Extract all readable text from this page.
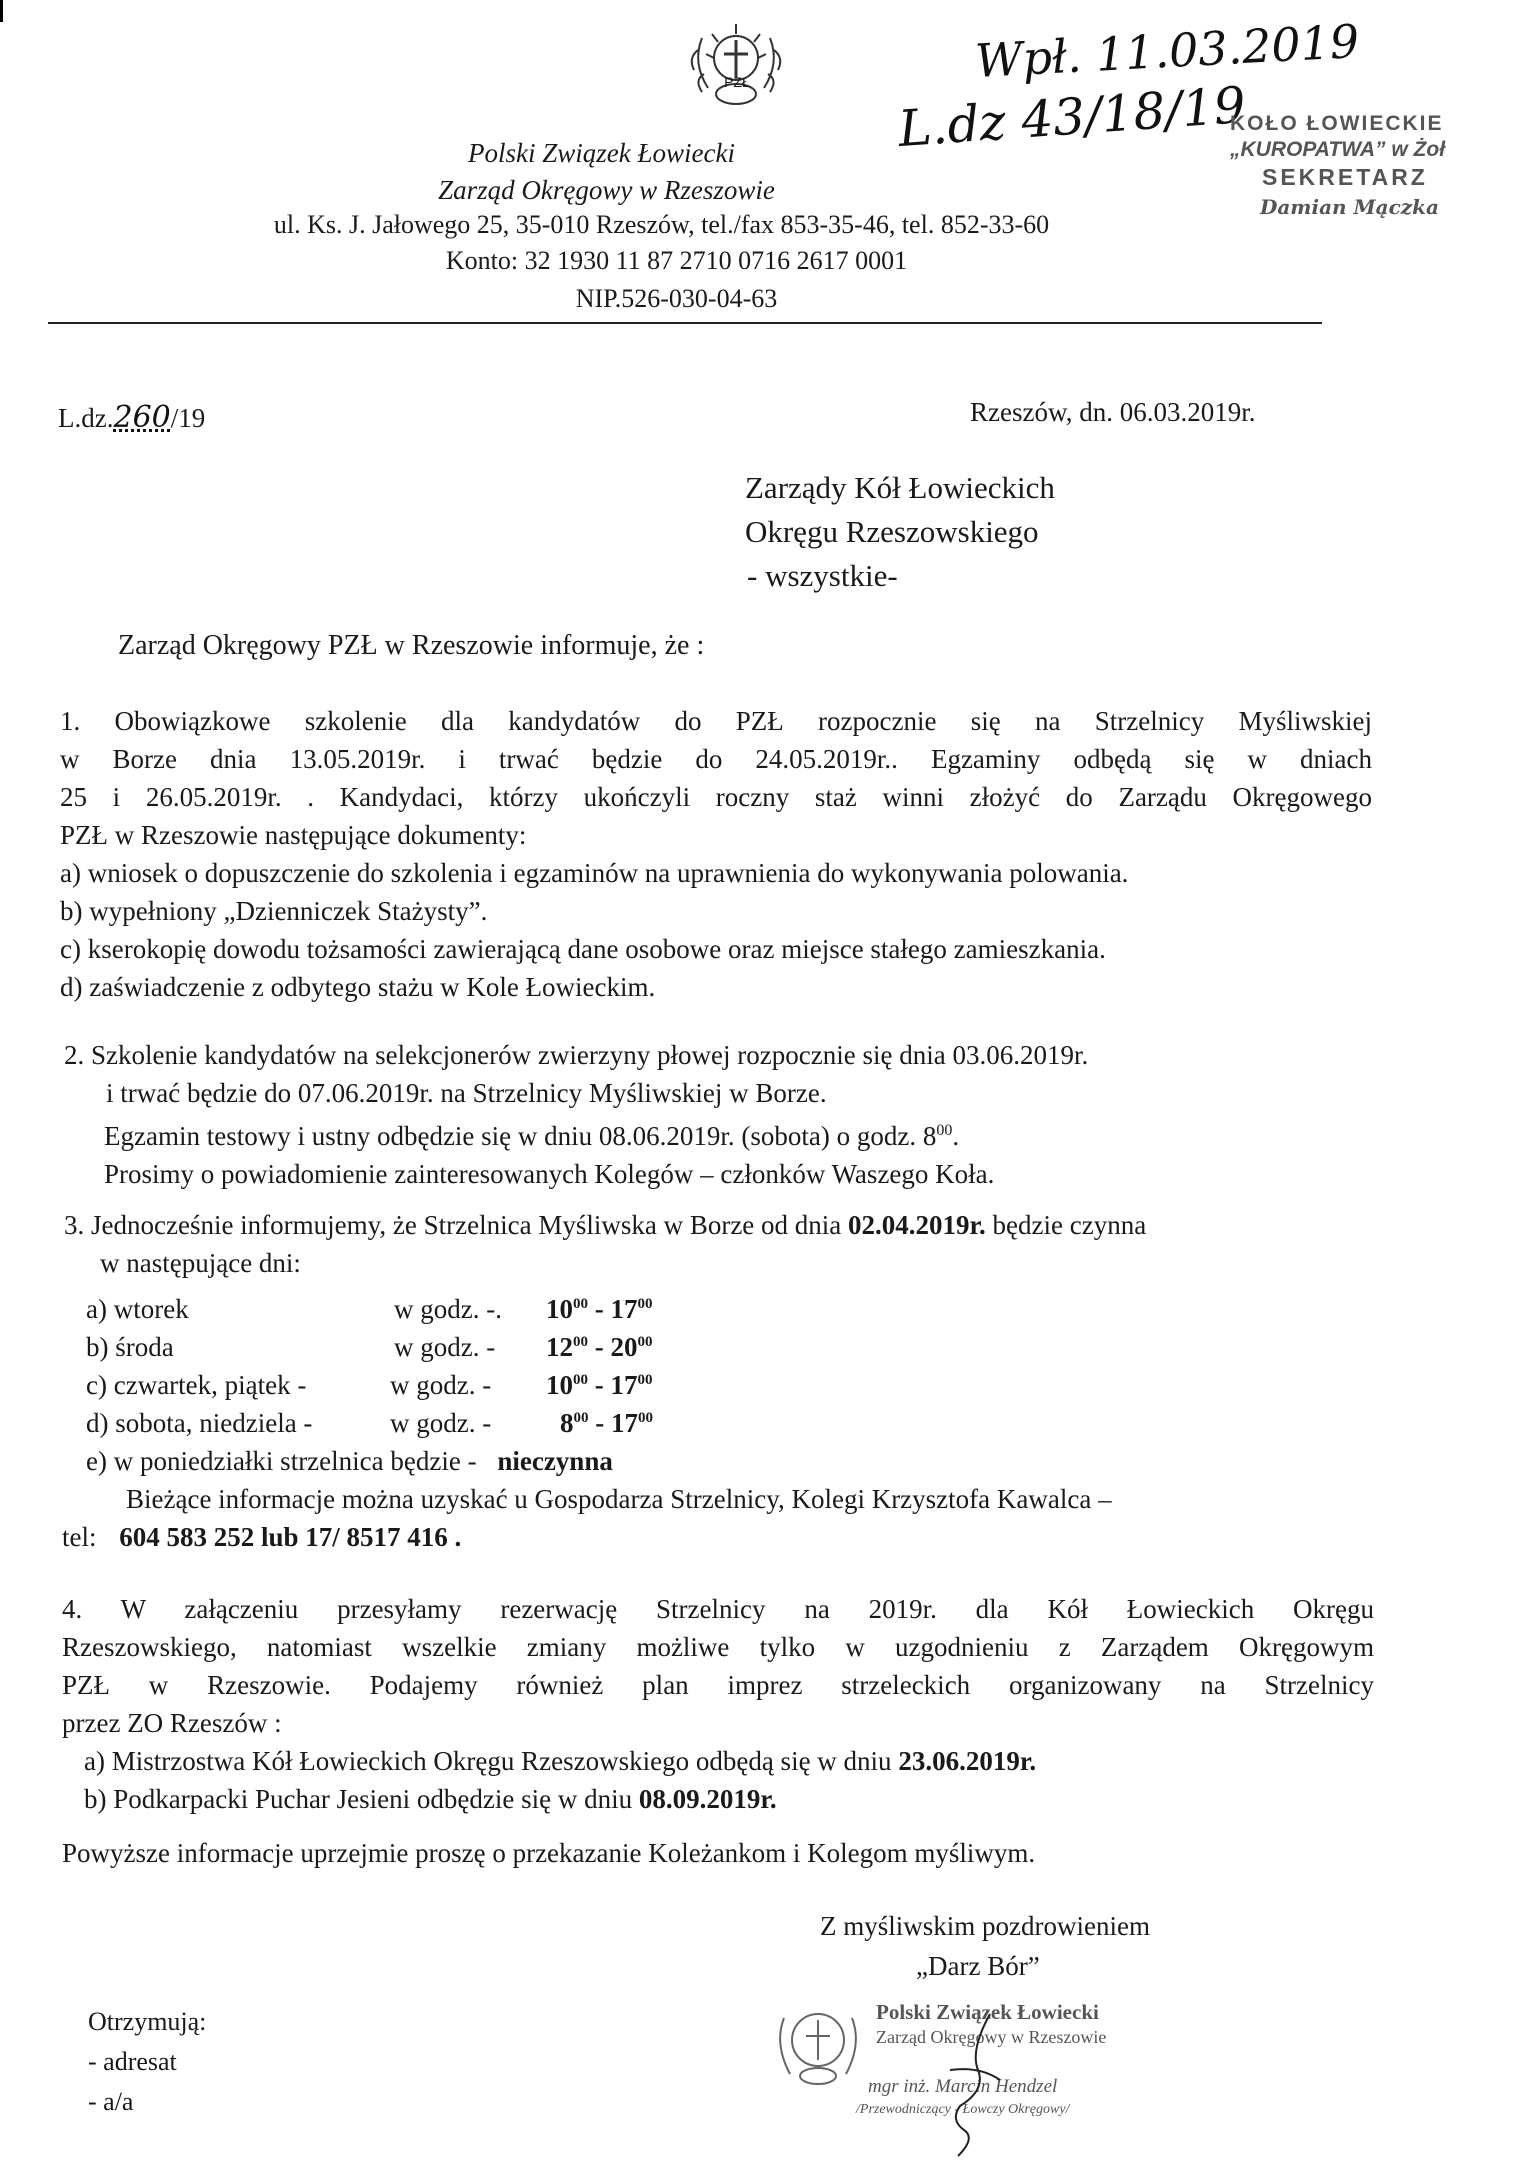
PZŁ	Wpł. 11.03.2019
L.dz 43/18/19
KOŁO ŁOWIECKIE
„KUROPATWA” w Żoł
SEKRETARZ
Damian Mączka
Polski Związek Łowiecki
Zarząd Okręgowy w Rzeszowie
ul. Ks. J. Jałowego 25, 35-010 Rzeszów, tel./fax 853-35-46, tel. 852-33-60
Konto: 32 1930 11 87 2710 0716 2617 0001
NIP.526-030-04-63
L.dz.260/19	Rzeszów, dn. 06.03.2019r.
Zarządy Kół Łowieckich
Okręgu Rzeszowskiego
- wszystkie-
Zarząd Okręgowy PZŁ w Rzeszowie informuje, że :
1. Obowiązkowe szkolenie dla kandydatów do PZŁ rozpocznie się na Strzelnicy Myśliwskiej
w Borze dnia 13.05.2019r. i trwać będzie do 24.05.2019r.. Egzaminy odbędą się w dniach
25 i 26.05.2019r. . Kandydaci, którzy ukończyli roczny staż winni złożyć do Zarządu Okręgowego
PZŁ w Rzeszowie następujące dokumenty:
a) wniosek o dopuszczenie do szkolenia i egzaminów na uprawnienia do wykonywania polowania.
b) wypełniony „Dzienniczek Stażysty”.
c) kserokopię dowodu tożsamości zawierającą dane osobowe oraz miejsce stałego zamieszkania.
d) zaświadczenie z odbytego stażu w Kole Łowieckim.
2. Szkolenie kandydatów na selekcjonerów zwierzyny płowej rozpocznie się dnia 03.06.2019r.
i trwać będzie do 07.06.2019r. na Strzelnicy Myśliwskiej w Borze.
Egzamin testowy i ustny odbędzie się w dniu 08.06.2019r. (sobota) o godz. $8^{00}$.
Prosimy o powiadomienie zainteresowanych Kolegów – członków Waszego Koła.
3. Jednocześnie informujemy, że Strzelnica Myśliwska w Borze od dnia 02.04.2019r. będzie czynna
w następujące dni:
a) wtorek	w godz. -. $10^{00} - 17^{00}$
b) środa	w godz. - $12^{00} - 20^{00}$
c) czwartek, piątek -	w godz. - $10^{00} - 17^{00}$
d) sobota, niedziela -	w godz. -	$8^{00} - 17^{00}$
e) w poniedziałki strzelnica będzie - nieczynna
Bieżące informacje można uzyskać u Gospodarza Strzelnicy, Kolegi Krzysztofa Kawalca –
tel: 604 583 252 lub 17/ 8517 416 .
4. W załączeniu przesyłamy rezerwację Strzelnicy na 2019r. dla Kół Łowieckich Okręgu
Rzeszowskiego, natomiast wszelkie zmiany możliwe tylko w uzgodnieniu z Zarządem Okręgowym
PZŁ w Rzeszowie. Podajemy również plan imprez strzeleckich organizowany na Strzelnicy
przez ZO Rzeszów :
a) Mistrzostwa Kół Łowieckich Okręgu Rzeszowskiego odbędą się w dniu 23.06.2019r.
b) Podkarpacki Puchar Jesieni odbędzie się w dniu 08.09.2019r.
Powyższe informacje uprzejmie proszę o przekazanie Koleżankom i Kolegom myśliwym.
Z myśliwskim pozdrowieniem
„Darz Bór”
Polski Związek Łowiecki
Zarząd Okręgowy w Rzeszowie
mgr inż. Marcin Hendzel
/Przewodniczący - Łowczy Okręgowy/
Otrzymują:
- adresat
- a/a
